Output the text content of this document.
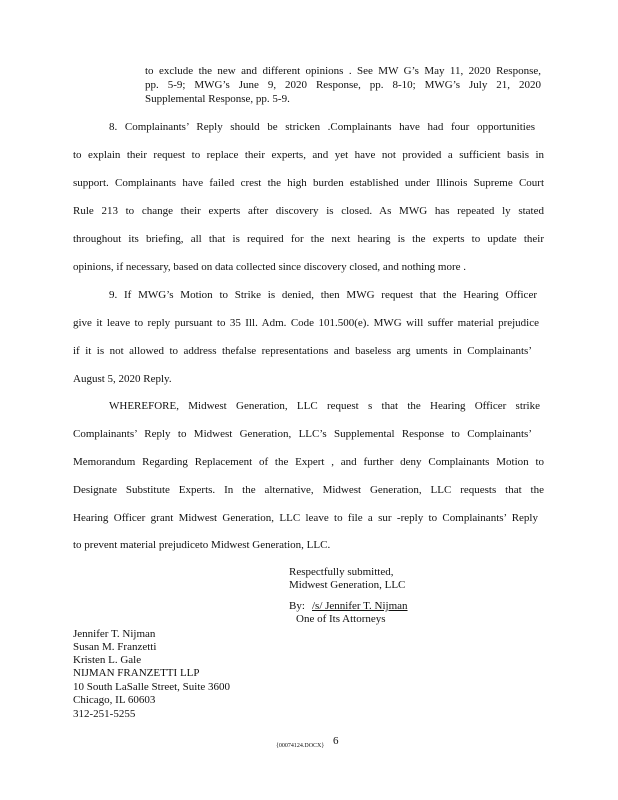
to exclude the new and different opinions . See MW G’s May 11, 2020 Response,
pp. 5-9; MWG’s June 9, 2020 Response, pp. 8-10; MWG’s July 21, 2020
Supplemental Response, pp. 5-9.
8. Complainants’ Reply should be stricken .Complainants have had four opportunities
to explain their request to replace their experts, and yet have not provided a sufficient basis in
support. Complainants have failed crest the high burden established under Illinois Supreme Court
Rule 213 to change their experts after discovery is closed. As MWG has repeated ly stated
throughout its briefing, all that is required for the next hearing is the experts to update their
opinions, if necessary, based on data collected since discovery closed, and nothing more .
9. If MWG’s Motion to Strike is denied, then MWG request that the Hearing Officer
give it leave to reply pursuant to 35 Ill. Adm. Code 101.500(e). MWG will suffer material prejudice
if it is not allowed to address thefalse representations and baseless arg uments in Complainants’
August 5, 2020 Reply.
WHEREFORE, Midwest Generation, LLC request s that the Hearing Officer strike
Complainants’ Reply to Midwest Generation, LLC’s Supplemental Response to Complainants’
Memorandum Regarding Replacement of the Expert , and further deny Complainants Motion to
Designate Substitute Experts. In the alternative, Midwest Generation, LLC requests that the
Hearing Officer grant Midwest Generation, LLC leave to file a sur -reply to Complainants’ Reply
to prevent material prejudiceto Midwest Generation, LLC.
Respectfully submitted,
Midwest Generation, LLC
By: /s/ Jennifer T. Nijman
One of Its Attorneys
Jennifer T. Nijman
Susan M. Franzetti
Kristen L. Gale
NIJMAN FRANZETTI LLP
10 South LaSalle Street, Suite 3600
Chicago, IL 60603
312-251-5255
{00074124.DOCX} 6
